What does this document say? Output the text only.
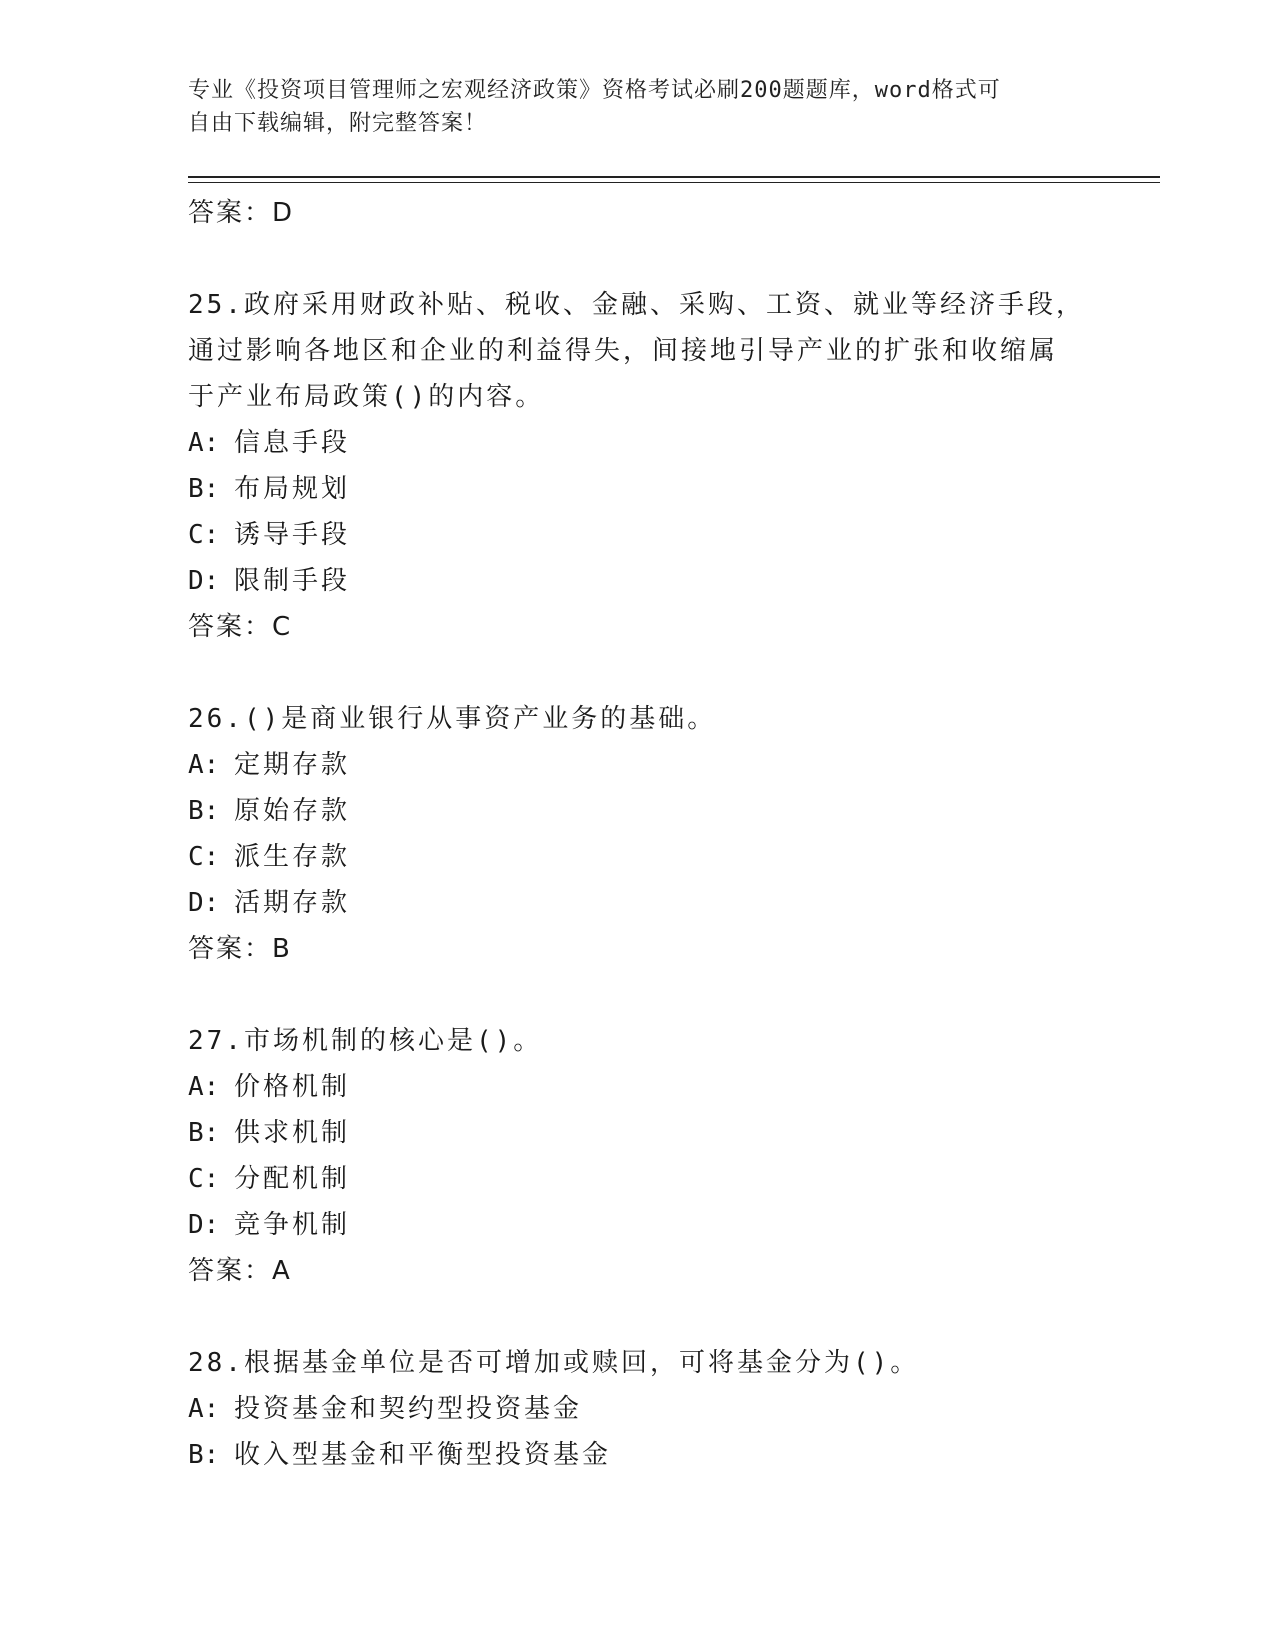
专业《投资项目管理师之宏观经济政策》资格考试必刷200题题库，word格式可
自由下载编辑，附完整答案！
答案：D
25.政府采用财政补贴、税收、金融、采购、工资、就业等经济手段，
通过影响各地区和企业的利益得失，间接地引导产业的扩张和收缩属
于产业布局政策()的内容。
A: 信息手段
B: 布局规划
C: 诱导手段
D: 限制手段
答案：C
26.()是商业银行从事资产业务的基础。
A: 定期存款
B: 原始存款
C: 派生存款
D: 活期存款
答案：B
27.市场机制的核心是()。
A: 价格机制
B: 供求机制
C: 分配机制
D: 竞争机制
答案：A
28.根据基金单位是否可增加或赎回，可将基金分为()。
A: 投资基金和契约型投资基金
B: 收入型基金和平衡型投资基金
